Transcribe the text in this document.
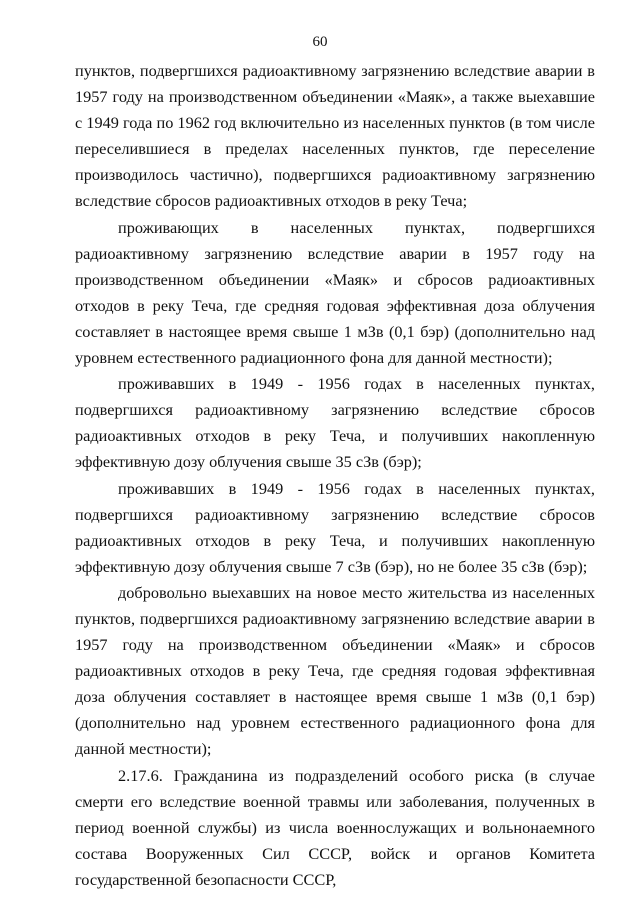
60

пунктов, подвергшихся радиоактивному загрязнению вследствие аварии в 1957 году на производственном объединении «Маяк», а также выехавшие с 1949 года по 1962 год включительно из населенных пунктов (в том числе переселившиеся в пределах населенных пунктов, где переселение производилось частично), подвергшихся радиоактивному загрязнению вследствие сбросов радиоактивных отходов в реку Теча;

проживающих в населенных пунктах, подвергшихся радиоактивному загрязнению вследствие аварии в 1957 году на производственном объединении «Маяк» и сбросов радиоактивных отходов в реку Теча, где средняя годовая эффективная доза облучения составляет в настоящее время свыше 1 мЗв (0,1 бэр) (дополнительно над уровнем естественного радиационного фона для данной местности);

проживавших в 1949 - 1956 годах в населенных пунктах, подвергшихся радиоактивному загрязнению вследствие сбросов радиоактивных отходов в реку Теча, и получивших накопленную эффективную дозу облучения свыше 35 сЗв (бэр);

проживавших в 1949 - 1956 годах в населенных пунктах, подвергшихся радиоактивному загрязнению вследствие сбросов радиоактивных отходов в реку Теча, и получивших накопленную эффективную дозу облучения свыше 7 сЗв (бэр), но не более 35 сЗв (бэр);

добровольно выехавших на новое место жительства из населенных пунктов, подвергшихся радиоактивному загрязнению вследствие аварии в 1957 году на производственном объединении «Маяк» и сбросов радиоактивных отходов в реку Теча, где средняя годовая эффективная доза облучения составляет в настоящее время свыше 1 мЗв (0,1 бэр) (дополнительно над уровнем естественного радиационного фона для данной местности);

2.17.6. Гражданина из подразделений особого риска (в случае смерти его вследствие военной травмы или заболевания, полученных в период военной службы) из числа военнослужащих и вольнонаемного состава Вооруженных Сил СССР, войск и органов Комитета государственной безопасности СССР,
